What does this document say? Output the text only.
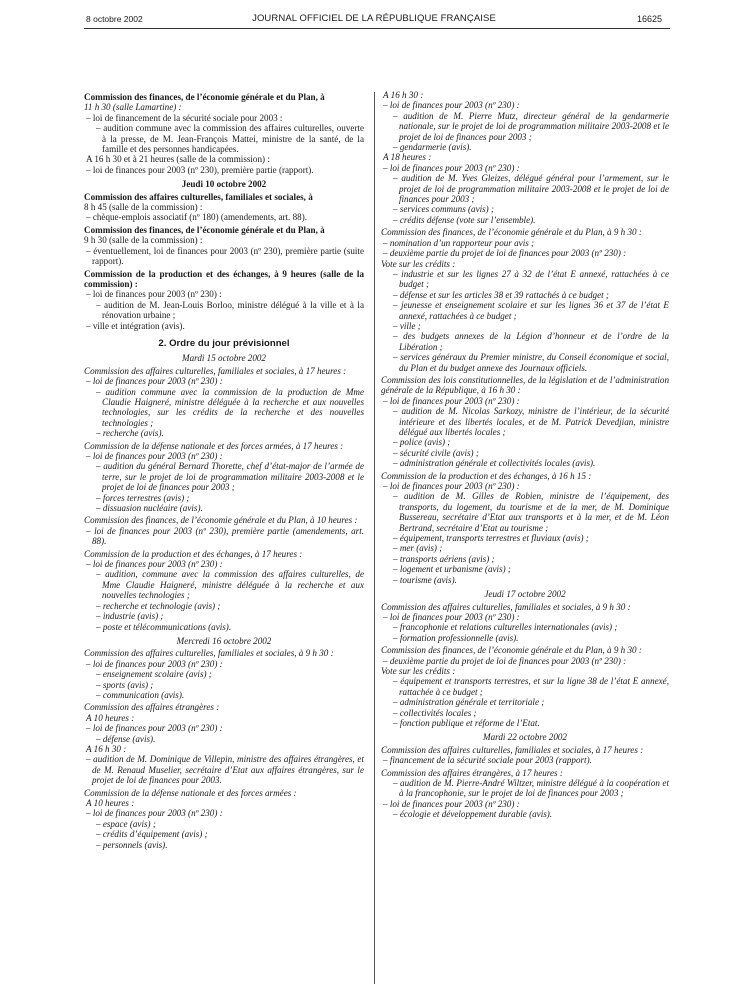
8 octobre 2002	JOURNAL OFFICIEL DE LA RÉPUBLIQUE FRANÇAISE	16625
Commission des finances, de l’économie générale et du Plan, à
11 h 30 (salle Lamartine) :
– loi de financement de la sécurité sociale pour 2003 :
– audition commune avec la commission des affaires culturelles, ouverte à la presse, de M. Jean-François Mattei, ministre de la santé, de la famille et des personnes handicapées.
A 16 h 30 et à 21 heures (salle de la commission) :
– loi de finances pour 2003 (nº 230), première partie (rapport).
Jeudi 10 octobre 2002
Commission des affaires culturelles, familiales et sociales, à
8 h 45 (salle de la commission) :
– chèque-emplois associatif (nº 180) (amendements, art. 88).
Commission des finances, de l’économie générale et du Plan, à
9 h 30 (salle de la commission) :
– éventuellement, loi de finances pour 2003 (nº 230), première partie (suite rapport).
Commission de la production et des échanges, à 9 heures (salle de la commission) :
– loi de finances pour 2003 (nº 230) :
– audition de M. Jean-Louis Borloo, ministre délégué à la ville et à la rénovation urbaine ;
– ville et intégration (avis).
2. Ordre du jour prévisionnel
Mardi 15 octobre 2002
Commission des affaires culturelles, familiales et sociales, à 17 heures :
– loi de finances pour 2003 (nº 230) :
– audition commune avec la commission de la production de Mme Claudie Haigneré, ministre déléguée à la recherche et aux nouvelles technologies, sur les crédits de la recherche et des nouvelles technologies ;
– recherche (avis).
Commission de la défense nationale et des forces armées, à 17 heures :
– loi de finances pour 2003 (nº 230) :
– audition du général Bernard Thorette, chef d’état-major de l’armée de terre, sur le projet de loi de programmation militaire 2003-2008 et le projet de loi de finances pour 2003 ;
– forces terrestres (avis) ;
– dissuasion nucléaire (avis).
Commission des finances, de l’économie générale et du Plan, à 10 heures :
– loi de finances pour 2003 (nº 230), première partie (amendements, art. 88).
Commission de la production et des échanges, à 17 heures :
– loi de finances pour 2003 (nº 230) :
– audition, commune avec la commission des affaires culturelles, de Mme Claudie Haigneré, ministre déléguée à la recherche et aux nouvelles technologies ;
– recherche et technologie (avis) ;
– industrie (avis) ;
– poste et télécommunications (avis).
Mercredi 16 octobre 2002
Commission des affaires culturelles, familiales et sociales, à 9 h 30 :
– loi de finances pour 2003 (nº 230) :
– enseignement scolaire (avis) ;
– sports (avis) ;
– communication (avis).
Commission des affaires étrangères :
A 10 heures :
– loi de finances pour 2003 (nº 230) :
– défense (avis).
A 16 h 30 :
– audition de M. Dominique de Villepin, ministre des affaires étrangères, et de M. Renaud Muselier, secrétaire d’Etat aux affaires étrangères, sur le projet de loi de finances pour 2003.
Commission de la défense nationale et des forces armées :
A 10 heures :
– loi de finances pour 2003 (nº 230) :
– espace (avis) ;
– crédits d’équipement (avis) ;
– personnels (avis).
A 16 h 30 :
– loi de finances pour 2003 (nº 230) :
– audition de M. Pierre Mutz, directeur général de la gendarmerie nationale, sur le projet de loi de programmation militaire 2003-2008 et le projet de loi de finances pour 2003 ;
– gendarmerie (avis).
A 18 heures :
– loi de finances pour 2003 (nº 230) :
– audition de M. Yves Gleizes, délégué général pour l’armement, sur le projet de loi de programmation militaire 2003-2008 et le projet de loi de finances pour 2003 ;
– services communs (avis) ;
– crédits défense (vote sur l’ensemble).
Commission des finances, de l’économie générale et du Plan, à 9 h 30 :
– nomination d’un rapporteur pour avis ;
– deuxième partie du projet de loi de finances pour 2003 (nº 230) :
Vote sur les crédits :
– industrie et sur les lignes 27 à 32 de l’état E annexé, rattachées à ce budget ;
– défense et sur les articles 38 et 39 rattachés à ce budget ;
– jeunesse et enseignement scolaire et sur les lignes 36 et 37 de l’état E annexé, rattachées à ce budget ;
– ville ;
– des budgets annexes de la Légion d’honneur et de l’ordre de la Libération ;
– services généraux du Premier ministre, du Conseil économique et social, du Plan et du budget annexe des Journaux officiels.
Commission des lois constitutionnelles, de la législation et de l’administration générale de la République, à 16 h 30 :
– loi de finances pour 2003 (nº 230) :
– audition de M. Nicolas Sarkozy, ministre de l’intérieur, de la sécurité intérieure et des libertés locales, et de M. Patrick Devedjian, ministre délégué aux libertés locales ;
– police (avis) ;
– sécurité civile (avis) ;
– administration générale et collectivités locales (avis).
Commission de la production et des échanges, à 16 h 15 :
– loi de finances pour 2003 (nº 230) :
– audition de M. Gilles de Robien, ministre de l’équipement, des transports, du logement, du tourisme et de la mer, de M. Dominique Bussereau, secrétaire d’Etat aux transports et à la mer, et de M. Léon Bertrand, secrétaire d’Etat au tourisme ;
– équipement, transports terrestres et fluviaux (avis) ;
– mer (avis) ;
– transports aériens (avis) ;
– logement et urbanisme (avis) ;
– tourisme (avis).
Jeudi 17 octobre 2002
Commission des affaires culturelles, familiales et sociales, à 9 h 30 :
– loi de finances pour 2003 (nº 230) :
– francophonie et relations culturelles internationales (avis) ;
– formation professionnelle (avis).
Commission des finances, de l’économie générale et du Plan, à 9 h 30 :
– deuxième partie du projet de loi de finances pour 2003 (nº 230) :
Vote sur les crédits :
– équipement et transports terrestres, et sur la ligne 38 de l’état E annexé, rattachée à ce budget ;
– administration générale et territoriale ;
– collectivités locales ;
– fonction publique et réforme de l’Etat.
Mardi 22 octobre 2002
Commission des affaires culturelles, familiales et sociales, à 17 heures :
– financement de la sécurité sociale pour 2003 (rapport).
Commission des affaires étrangères, à 17 heures :
– audition de M. Pierre-André Wiltzer, ministre délégué à la coopération et à la francophonie, sur le projet de loi de finances pour 2003 ;
– loi de finances pour 2003 (nº 230) :
– écologie et développement durable (avis).
